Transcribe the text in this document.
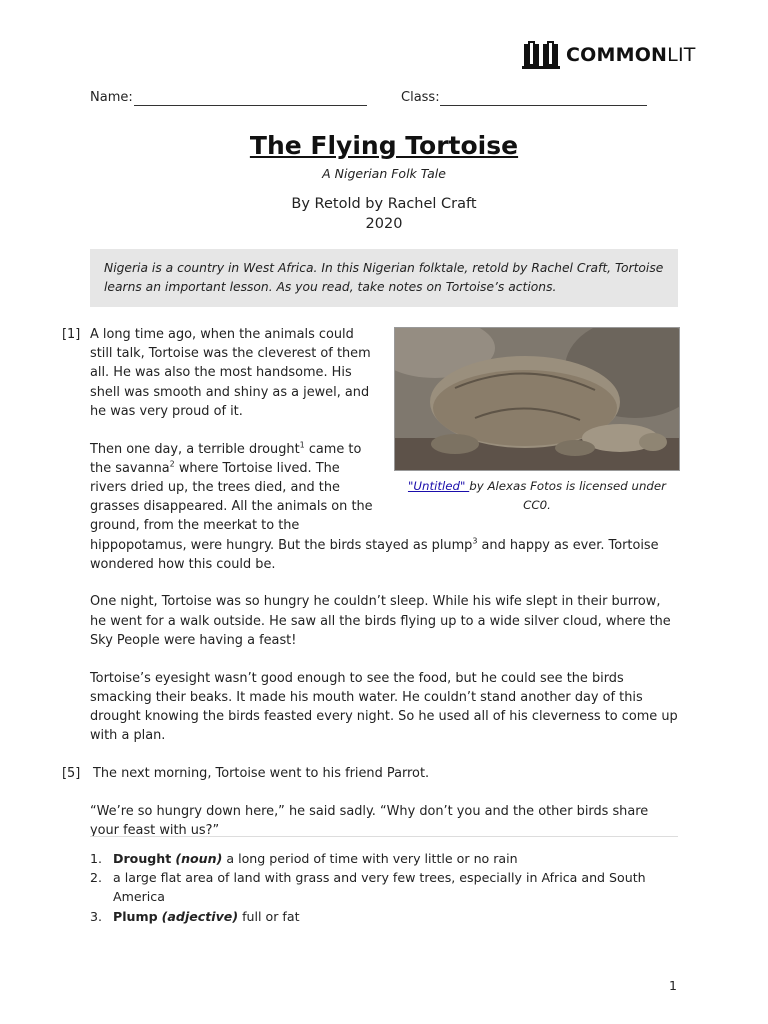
COMMONLIT
Name:	Class:
The Flying Tortoise
A Nigerian Folk Tale
By Retold by Rachel Craft
2020
Nigeria is a country in West Africa. In this Nigerian folktale, retold by Rachel Craft, Tortoise learns an important lesson. As you read, take notes on Tortoise’s actions.
"Untitled" by Alexas Fotos is licensed under CC0.

[1] A long time ago, when the animals could still talk, Tortoise was the cleverest of them all. He was also the most handsome. His shell was smooth and shiny as a jewel, and he was very proud of it.

Then one day, a terrible drought$^1$ came to the savanna$^2$ where Tortoise lived. The rivers dried up, the trees died, and the grasses disappeared. All the animals on the ground, from the meerkat to the hippopotamus, were hungry. But the birds stayed as plump$^3$ and happy as ever. Tortoise wondered how this could be.

One night, Tortoise was so hungry he couldn’t sleep. While his wife slept in their burrow, he went for a walk outside. He saw all the birds flying up to a wide silver cloud, where the Sky People were having a feast!

Tortoise’s eyesight wasn’t good enough to see the food, but he could see the birds smacking their beaks. It made his mouth water. He couldn’t stand another day of this drought knowing the birds feasted every night. So he used all of his cleverness to come up with a plan.

[5] The next morning, Tortoise went to his friend Parrot.

“We’re so hungry down here,” he said sadly. “Why don’t you and the other birds share your feast with us?”

1. Drought (noun) a long period of time with very little or no rain
2. a large flat area of land with grass and very few trees, especially in Africa and South America
3. Plump (adjective) full or fat
1
